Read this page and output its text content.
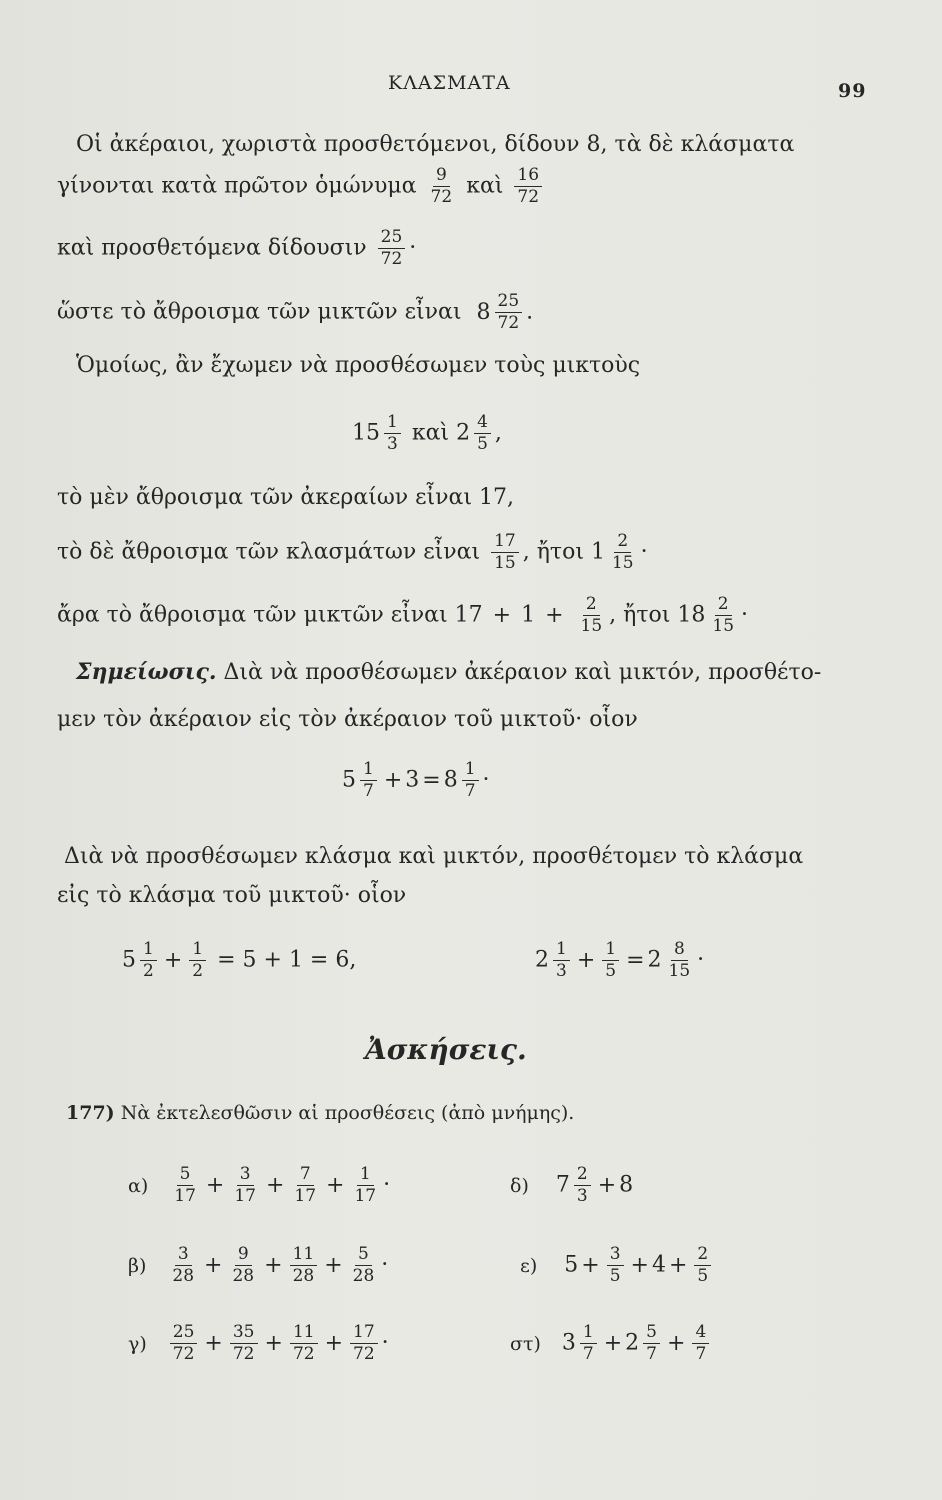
ΚΛΑΣΜΑΤΑ	99
Οἱ ἀκέραιοι, χωριστὰ προσθετόμενοι, δίδουν 8, τὰ δὲ κλάσματα
γίνονται κατὰ πρῶτον ὁμώνυμα $\frac{9}{72}$ καὶ $\frac{16}{72}$
καὶ προσθετόμενα δίδουσιν $\frac{25}{72}$ ·
ὥστε τὸ ἄθροισμα τῶν μικτῶν εἶναι $8 \frac{25}{72}$ .
Ὁμοίως, ἂν ἔχωμεν νὰ προσθέσωμεν τοὺς μικτοὺς
$15 \frac{1}{3}$ καὶ $2 \frac{4}{5}$ ,
τὸ μὲν ἄθροισμα τῶν ἀκεραίων εἶναι 17,
τὸ δὲ ἄθροισμα τῶν κλασμάτων εἶναι $\frac{17}{15}$ , ἤτοι $1 \frac{2}{15}$ ·
ἄρα τὸ ἄθροισμα τῶν μικτῶν εἶναι $17 + 1 + \frac{2}{15}$ , ἤτοι $18 \frac{2}{15}$ ·
Σημείωσις. Διὰ νὰ προσθέσωμεν ἀκέραιον καὶ μικτόν, προσθέτο-
μεν τὸν ἀκέραιον εἰς τὸν ἀκέραιον τοῦ μικτοῦ· οἷον
$5 \frac{1}{7} + 3 = 8 \frac{1}{7}$ ·
Διὰ νὰ προσθέσωμεν κλάσμα καὶ μικτόν, προσθέτομεν τὸ κλάσμα
εἰς τὸ κλάσμα τοῦ μικτοῦ· οἷον
$5 \frac{1}{2} + \frac{1}{2} = 5 + 1 = 6$,	$2 \frac{1}{3} + \frac{1}{5} = 2 \frac{8}{15}$ ·
Ἀσκήσεις.
177) Νὰ ἐκτελεσθῶσιν αἱ προσθέσεις (ἀπὸ μνήμης).
$\alpha) \frac{5}{17} + \frac{3}{17} + \frac{7}{17} + \frac{1}{17}$ ·	δ) $7 \frac{2}{3} + 8$
$\beta) \frac{3}{28} + \frac{9}{28} + \frac{11}{28} + \frac{5}{28}$ ·	ε) $5 + \frac{3}{5} + 4 + \frac{2}{5}$
$\gamma) \frac{25}{72} + \frac{35}{72} + \frac{11}{72} + \frac{17}{72}$ ·	στ) $3 \frac{1}{7} + 2 \frac{5}{7} + \frac{4}{7}$
